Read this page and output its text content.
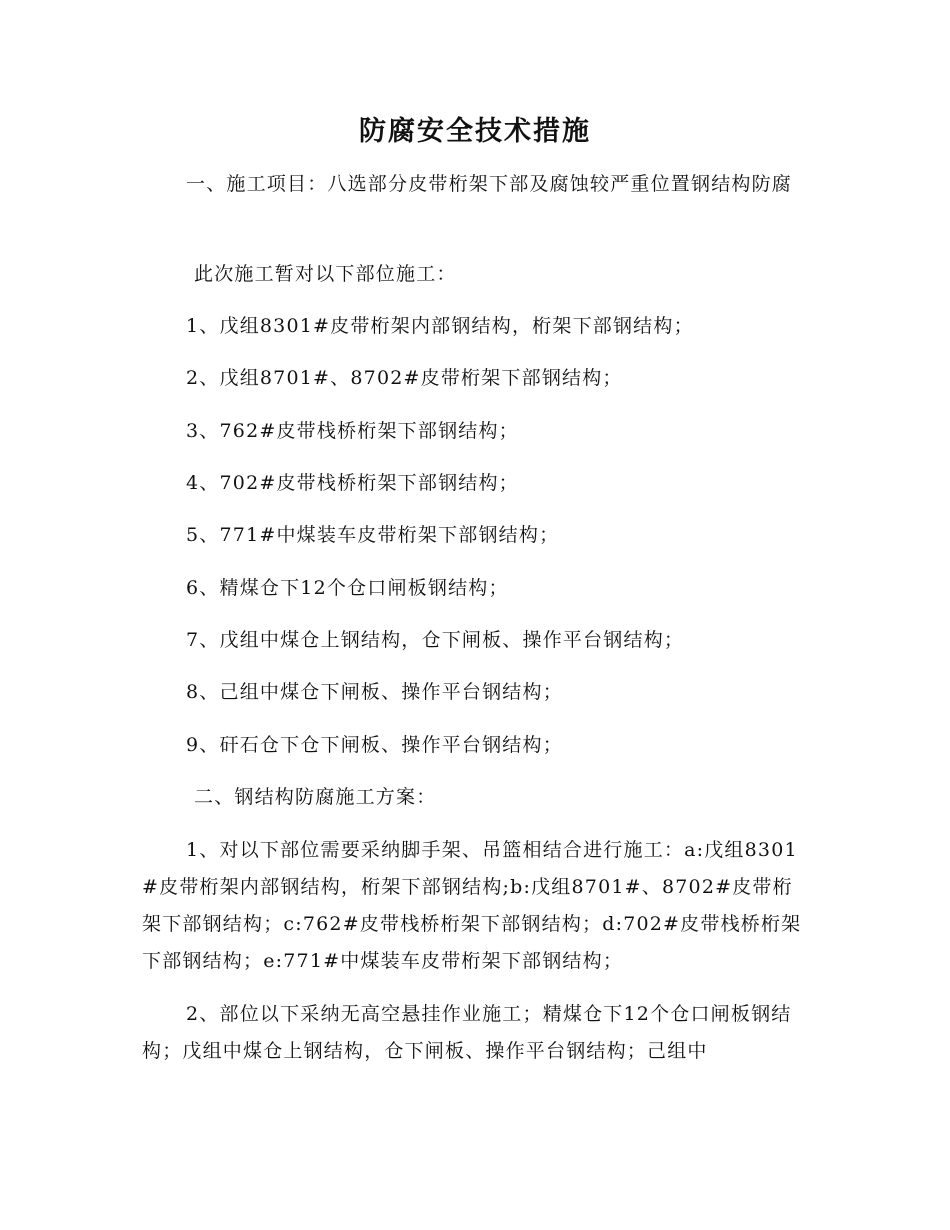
防腐安全技术措施

一、施工项目：八选部分皮带桁架下部及腐蚀较严重位置钢结构防腐

此次施工暂对以下部位施工：

1、戊组8301#皮带桁架内部钢结构，桁架下部钢结构；

2、戊组8701#、8702#皮带桁架下部钢结构；

3、762#皮带栈桥桁架下部钢结构；

4、702#皮带栈桥桁架下部钢结构；

5、771#中煤装车皮带桁架下部钢结构；

6、精煤仓下12个仓口闸板钢结构；

7、戊组中煤仓上钢结构，仓下闸板、操作平台钢结构；

8、己组中煤仓下闸板、操作平台钢结构；

9、矸石仓下仓下闸板、操作平台钢结构；

二、钢结构防腐施工方案：

1、对以下部位需要采纳脚手架、吊篮相结合进行施工：a:戊组8301#皮带桁架内部钢结构，桁架下部钢结构;b:戊组8701#、8702#皮带桁架下部钢结构；c:762#皮带栈桥桁架下部钢结构；d:702#皮带栈桥桁架下部钢结构；e:771#中煤装车皮带桁架下部钢结构；

2、部位以下采纳无高空悬挂作业施工；精煤仓下12个仓口闸板钢结构；戊组中煤仓上钢结构，仓下闸板、操作平台钢结构；己组中
